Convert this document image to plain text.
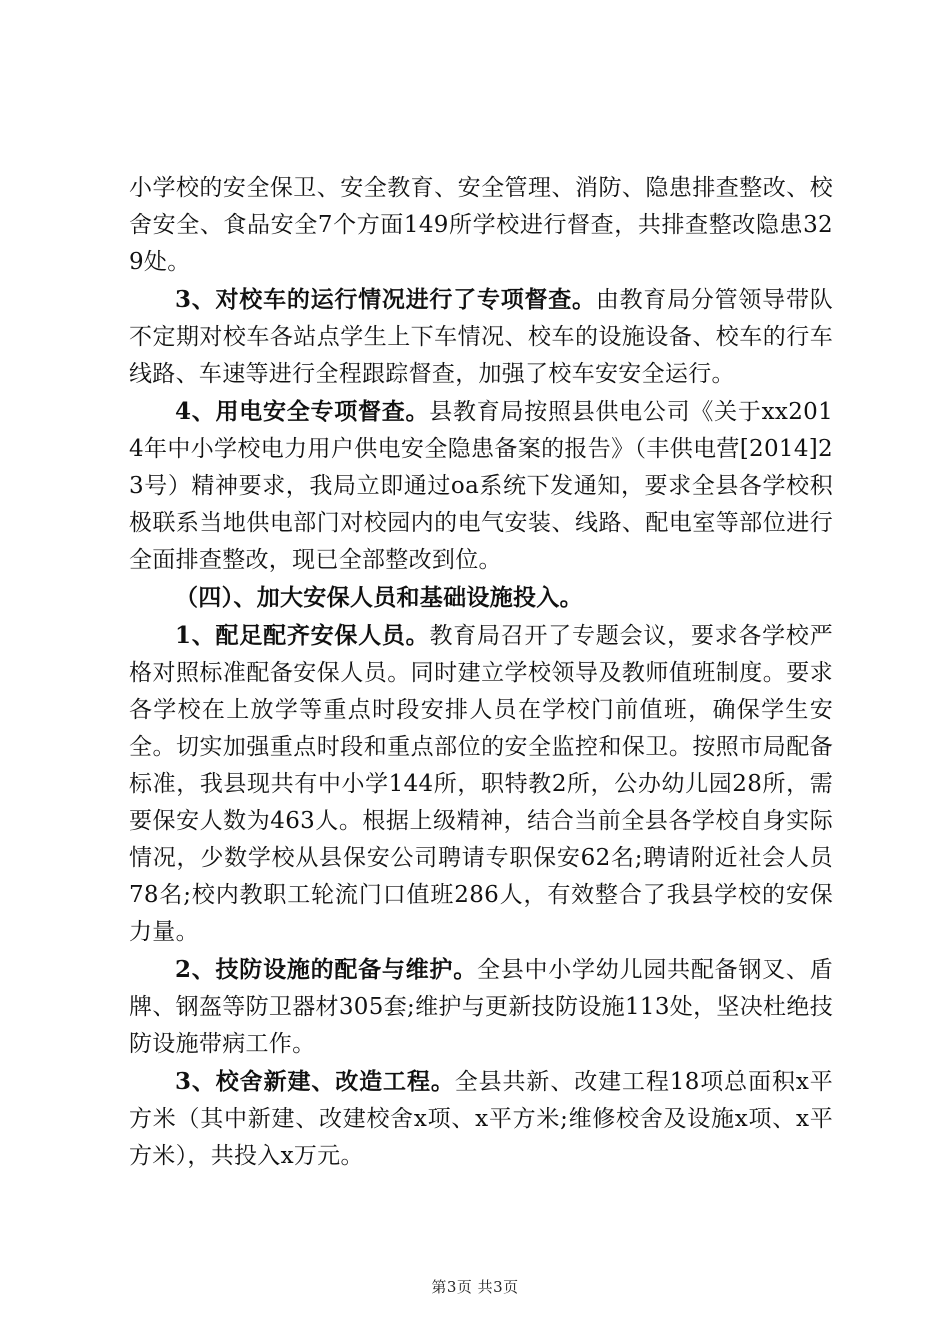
小学校的安全保卫、安全教育、安全管理、消防、隐患排查整改、校舍安全、食品安全7个方面149所学校进行督查，共排查整改隐患329处。

3、对校车的运行情况进行了专项督查。由教育局分管领导带队不定期对校车各站点学生上下车情况、校车的设施设备、校车的行车线路、车速等进行全程跟踪督查，加强了校车安安全运行。

4、用电安全专项督查。县教育局按照县供电公司《关于xx2014年中小学校电力用户供电安全隐患备案的报告》（丰供电营[2014]23号）精神要求，我局立即通过oa系统下发通知，要求全县各学校积极联系当地供电部门对校园内的电气安装、线路、配电室等部位进行全面排查整改，现已全部整改到位。

（四）、加大安保人员和基础设施投入。

1、配足配齐安保人员。教育局召开了专题会议，要求各学校严格对照标准配备安保人员。同时建立学校领导及教师值班制度。要求各学校在上放学等重点时段安排人员在学校门前值班，确保学生安全。切实加强重点时段和重点部位的安全监控和保卫。按照市局配备标准，我县现共有中小学144所，职特教2所，公办幼儿园28所，需要保安人数为463人。根据上级精神，结合当前全县各学校自身实际情况，少数学校从县保安公司聘请专职保安62名;聘请附近社会人员78名;校内教职工轮流门口值班286人，有效整合了我县学校的安保力量。

2、技防设施的配备与维护。全县中小学幼儿园共配备钢叉、盾牌、钢盔等防卫器材305套;维护与更新技防设施113处，坚决杜绝技防设施带病工作。

3、校舍新建、改造工程。全县共新、改建工程18项总面积x平方米（其中新建、改建校舍x项、x平方米;维修校舍及设施x项、x平方米），共投入x万元。

第3页 共3页
